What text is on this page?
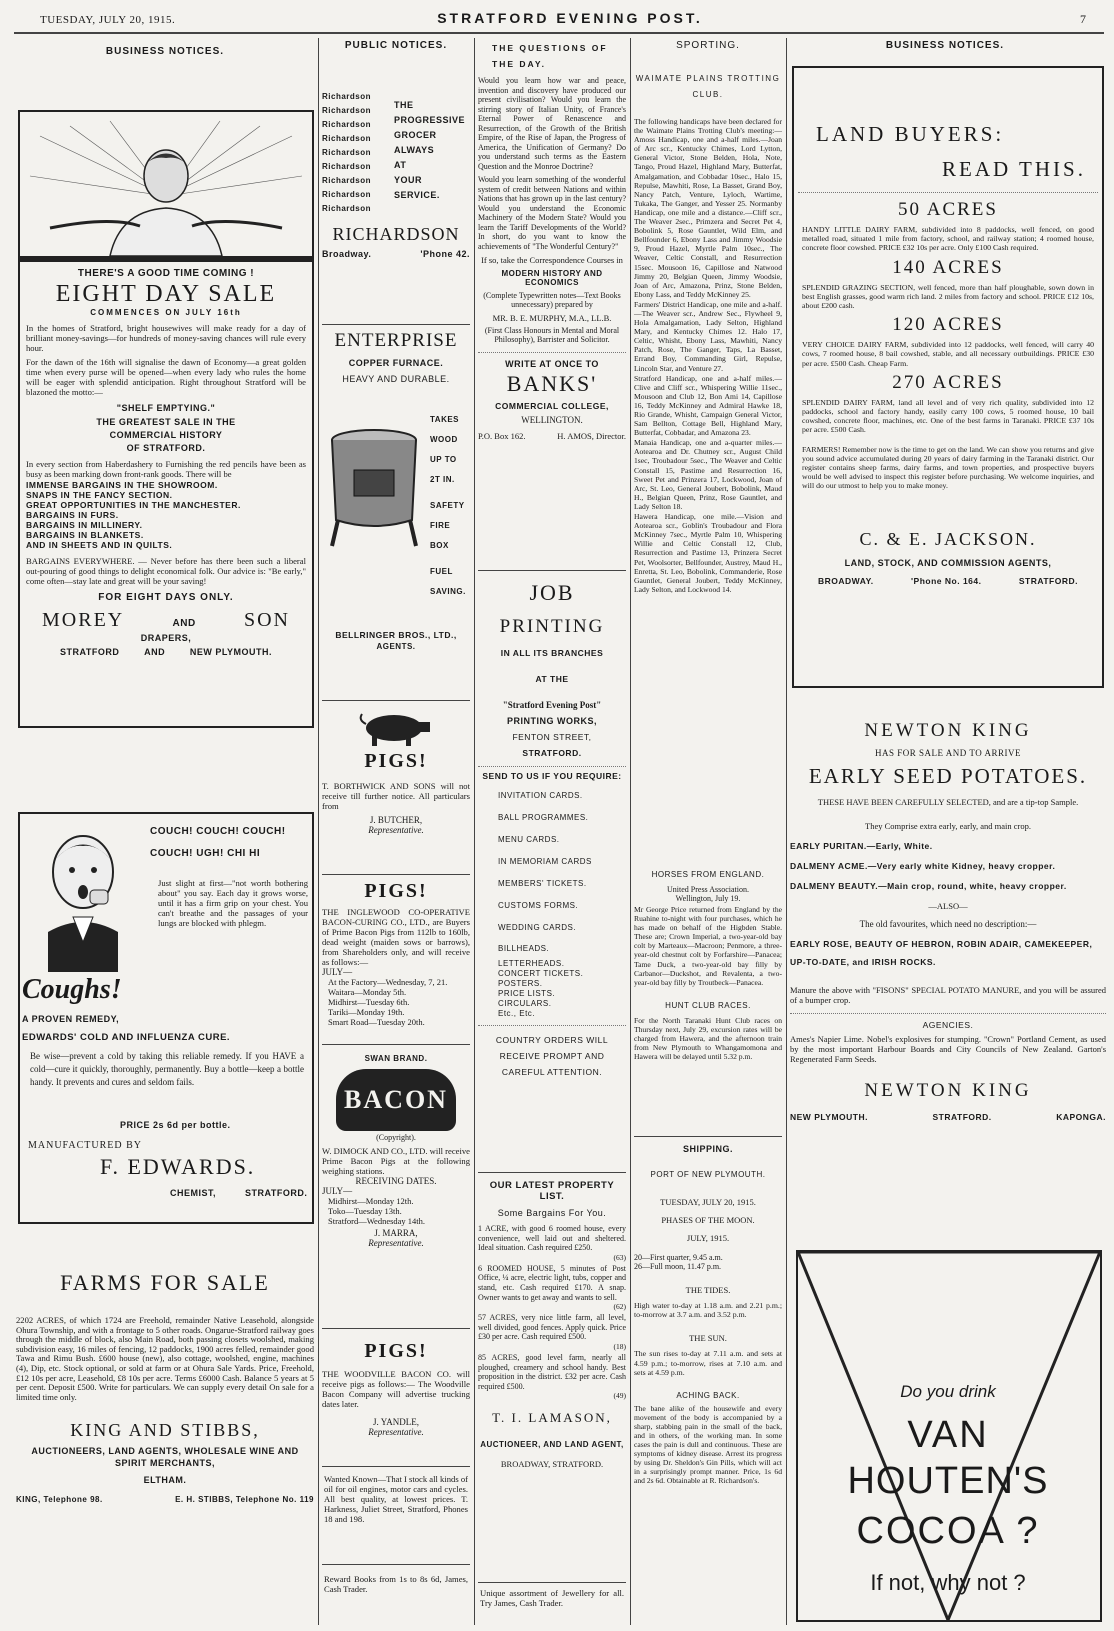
TUESDAY, JULY 20, 1915.	STRATFORD EVENING POST.	7
BUSINESS NOTICES.
THERE'S A GOOD TIME COMING !
EIGHT DAY SALE
COMMENCES ON JULY 16th
In the homes of Stratford, bright housewives will make ready for a day of brilliant money-savings—for hundreds of money-saving chances will rule every hour.
For the dawn of the 16th will signalise the dawn of Economy—a great golden time when every purse will be opened—when every lady who rules the home will be eager with splendid anticipation. Right throughout Stratford will be blazoned the motto:—
"SHELF EMPTYING."
THE GREATEST SALE IN THE
COMMERCIAL HISTORY
OF STRATFORD.
In every section from Haberdashery to Furnishing the red pencils have been as busy as been marking down front-rank goods. There will be
IMMENSE BARGAINS IN THE SHOWROOM.
SNAPS IN THE FANCY SECTION.
GREAT OPPORTUNITIES IN THE MANCHESTER.
BARGAINS IN FURS.
BARGAINS IN MILLINERY.
BARGAINS IN BLANKETS.
AND IN SHEETS AND IN QUILTS.
BARGAINS EVERYWHERE. — Never before has there been such a liberal out-pouring of good things to delight economical folk. Our advice is: "Be early," come often—stay late and great will be your saving!
FOR EIGHT DAYS ONLY.
MOREY	AND SON
DRAPERS,
STRATFORD	AND	NEW PLYMOUTH.
COUCH! COUCH! COUCH!
COUCH! UGH! CHI HI
Just slight at first—"not worth bothering about" you say. Each day it grows worse, until it has a firm grip on your chest. You can't breathe and the passages of your lungs are blocked with phlegm.
Coughs!
A PROVEN REMEDY,
EDWARDS' COLD AND INFLUENZA CURE.
Be wise—prevent a cold by taking this reliable remedy. If you HAVE a cold—cure it quickly, thoroughly, permanently. Buy a bottle—keep a bottle handy. It prevents and cures and seldom fails.
PRICE 2s 6d per bottle.
MANUFACTURED BY
F. EDWARDS.
CHEMIST,	STRATFORD.
FARMS FOR SALE
2202 ACRES, of which 1724 are Freehold, remainder Native Leasehold, alongside Ohura Township, and with a frontage to 5 other roads. Ongarue-Stratford railway goes through the middle of block, also Main Road, both passing closets woolshed, making subdivision easy, 16 miles of fencing, 12 paddocks, 1900 acres felled, remainder good Tawa and Rimu Bush. £600 house (new), also cottage, woolshed, engine, machines (4), Dip, etc. Stock optional, or sold at farm or at Ohura Sale Yards. Price, Freehold, £12 10s per acre, Leasehold, £8 10s per acre. Terms £6000 Cash. Balance 5 years at 5 per cent. Deposit £500. Write for particulars. We can supply every detail On sale for a limited time only.
KING AND STIBBS,
AUCTIONEERS, LAND AGENTS, WHOLESALE WINE AND SPIRIT MERCHANTS,
ELTHAM.
KING, Telephone 98.	E. H. STIBBS, Telephone No. 119
PUBLIC NOTICES.
Richardson
Richardson
Richardson
Richardson
Richardson
Richardson
Richardson
Richardson
Richardson
THE
PROGRESSIVE
GROCER
ALWAYS
AT
YOUR
SERVICE.
RICHARDSON
Broadway.	'Phone 42.
ENTERPRISE
COPPER FURNACE.
HEAVY AND DURABLE.
TAKES
WOOD
UP TO
2T IN.
SAFETY
FIRE
BOX
FUEL
SAVING.
BELLRINGER BROS., LTD.,
AGENTS.
PIGS!
T. BORTHWICK AND SONS will not receive till further notice. All particulars from
J. BUTCHER,
Representative.
PIGS!
THE INGLEWOOD CO-OPERATIVE BACON-CURING CO., LTD., are Buyers of Prime Bacon Pigs from 112lb to 160lb, dead weight (maiden sows or barrows), from Shareholders only, and will receive as follows:—
JULY—
At the Factory—Wednesday, 7, 21.
Waitara—Monday 5th.
Midhirst—Tuesday 6th.
Tariki—Monday 19th.
Smart Road—Tuesday 20th.
SWAN BRAND.
BACON
(Copyright).
W. DIMOCK AND CO., LTD. will receive Prime Bacon Pigs at the following weighing stations.
RECEIVING DATES.
JULY—
Midhirst—Monday 12th.
Toko—Tuesday 13th.
Stratford—Wednesday 14th.
J. MARRA,
Representative.
PIGS!
THE WOODVILLE BACON CO. will receive pigs as follows:— The Woodville Bacon Company will advertise trucking dates later.
J. YANDLE,
Representative.
Wanted Known—That I stock all kinds of oil for oil engines, motor cars and cycles. All best quality, at lowest prices. T. Harkness, Juliet Street, Stratford, Phones 18 and 198.
Reward Books from 1s to 8s 6d, James, Cash Trader.
THE QUESTIONS OF THE DAY.
Would you learn how war and peace, invention and discovery have produced our present civilisation? Would you learn the stirring story of Italian Unity, of France's Eternal Power of Renascence and Resurrection, of the Growth of the British Empire, of the Rise of Japan, the Progress of America, the Unification of Germany? Do you understand such terms as the Eastern Question and the Monroe Doctrine?
Would you learn something of the wonderful system of credit between Nations and within Nations that has grown up in the last century? Would you understand the Economic Machinery of the Modern State? Would you learn the Tariff Developments of the World? In short, do you want to know the achievements of "The Wonderful Century?"
If so, take the Correspondence Courses in
MODERN HISTORY AND ECONOMICS
(Complete Typewritten notes—Text Books unnecessary) prepared by
MR. B. E. MURPHY, M.A., LL.B.
(First Class Honours in Mental and Moral Philosophy), Barrister and Solicitor.
WRITE AT ONCE TO
BANKS'
COMMERCIAL COLLEGE,
WELLINGTON.
P.O. Box 162.	H. AMOS, Director.
JOB
PRINTING
IN ALL ITS BRANCHES
AT THE
"Stratford Evening Post"
PRINTING WORKS,
FENTON STREET,
STRATFORD.
SEND TO US IF YOU REQUIRE:
INVITATION CARDS.
BALL PROGRAMMES.
MENU CARDS.
IN MEMORIAM CARDS
MEMBERS' TICKETS.
CUSTOMS FORMS.
WEDDING CARDS.
BILLHEADS.
LETTERHEADS.
CONCERT TICKETS.
POSTERS.
PRICE LISTS.
CIRCULARS.
Etc., Etc.
COUNTRY ORDERS WILL RECEIVE PROMPT AND CAREFUL ATTENTION.
OUR LATEST PROPERTY LIST.
Some Bargains For You.
1 ACRE, with good 6 roomed house, every convenience, well laid out and sheltered. Ideal situation. Cash required £250.
(63)
6 ROOMED HOUSE, 5 minutes of Post Office, ¼ acre, electric light, tubs, copper and stand, etc. Cash required £170. A snap. Owner wants to get away and wants to sell.
(62)
57 ACRES, very nice little farm, all level, well divided, good fences. Apply quick. Price £30 per acre. Cash required £500.
(18)
85 ACRES, good level farm, nearly all ploughed, creamery and school handy. Best proposition in the district. £32 per acre. Cash required £500.
(49)
T. I. LAMASON,
AUCTIONEER, AND LAND AGENT,
BROADWAY, STRATFORD.
Unique assortment of Jewellery for all. Try James, Cash Trader.
SPORTING.
WAIMATE PLAINS TROTTING CLUB.
The following handicaps have been declared for the Waimate Plains Trotting Club's meeting:— Amoss Handicap, one and a-half miles.—Joan of Arc scr., Kentucky Chimes, Lord Lytton, General Victor, Stone Belden, Hola, Note, Tango, Proud Hazel, Highland Mary, Butterfat, Amalgamation, and Cobbadar 10sec., Halo 15, Repulse, Mawhiti, Rose, La Basset, Grand Boy, Nancy Patch, Venture, Lyloch, Wartime, Tukaka, The Ganger, and Yesser 25. Normanby Handicap, one mile and a distance.—Cliff scr., The Weaver 2sec., Primzera and Secret Pet 4, Bobolink 5, Rose Gauntlet, Wild Elm, and Bellfounder 6, Ebony Lass and Jimmy Woodsie 9, Proud Hazel, Myrtle Palm 10sec., The Weaver, Celtic Constall, and Resurrection 15sec. Mousoon 16, Capillose and Natwood Jimmy 20, Belgian Queen, Jimmy Woodsie, Joan of Arc, Amazona, Prinz, Stone Belden, Ebony Lass, and Teddy McKinney 25.
Farmers' District Handicap, one mile and a-half.—The Weaver scr., Andrew Sec., Flywheel 9, Hola Amalgamation, Lady Selton, Highland Mary, and Kentucky Chimes 12. Halo 17, Celtic, Whisht, Ebony Lass, Mawhiti, Nancy Patch, Rose, The Ganger, Taps, La Basset, Errand Boy, Commanding Girl, Repulse, Lincoln Star, and Venture 27.
Stratford Handicap, one and a-half miles.—Clive and Cliff scr., Whispering Willie 11sec., Mousoon and Club 12, Bon Ami 14, Capillose 16, Teddy McKinney and Admiral Hawke 18, Rio Grande, Whisht, Campaign General Victor, Sam Bellton, Cottage Bell, Highland Mary, Butterfat, Cobbadar, and Amazona 23.
Manaia Handicap, one and a-quarter miles.—Aotearoa and Dr. Chutney scr., August Child 1sec, Troubadour 5sec., The Weaver and Celtic Constall 15, Pastime and Resurrection 16, Sweet Pet and Prinzera 17, Lockwood, Joan of Arc, St. Leo, General Joubert, Bobolink, Maud H., Belgian Queen, Prinz, Rose Gauntlet, and Lady Selton 18.
Hawera Handicap, one mile.—Vision and Aotearoa scr., Goblin's Troubadour and Flora McKinney 7sec., Myrtle Palm 10, Whispering Willie and Celtic Constall 12, Club, Resurrection and Pastime 13, Prinzera Secret Pet, Woolsorter, Bellfounder, Austrey, Maud H., Enretta, St. Leo, Bobolink, Commanderie, Rose Gauntlet, General Joubert, Teddy McKinney, Lady Selton, and Lockwood 14.
HORSES FROM ENGLAND.
United Press Association.
Wellington, July 19.
Mr George Price returned from England by the Ruahine to-night with four purchases, which he has made on behalf of the Higbden Stable. These are; Crown Imperial, a two-year-old bay colt by Marteaux—Macroon; Penmore, a three-year-old chestnut colt by Forfarshire—Panacea; Tame Duck, a two-year-old bay filly by Carbanor—Duckshot, and Revalenta, a two-year-old bay filly by Troutbeck—Panacea.
HUNT CLUB RACES.
For the North Taranaki Hunt Club races on Thursday next, July 29, excursion rates will be charged from Hawera, and the afternoon train from New Plymouth to Whangamomona and Hawera will be delayed until 5.32 p.m.
SHIPPING.
PORT OF NEW PLYMOUTH.
TUESDAY, JULY 20, 1915.
PHASES OF THE MOON.
JULY, 1915.
20—First quarter, 9.45 a.m.
26—Full moon, 11.47 p.m.
THE TIDES.
High water to-day at 1.18 a.m. and 2.21 p.m.; to-morrow at 3.7 a.m. and 3.52 p.m.
THE SUN.
The sun rises to-day at 7.11 a.m. and sets at 4.59 p.m.; to-morrow, rises at 7.10 a.m. and sets at 4.59 p.m.
ACHING BACK.
The bane alike of the housewife and every movement of the body is accompanied by a sharp, stabbing pain in the small of the back, and in others, of the working man. In some cases the pain is dull and continuous. These are symptoms of kidney disease. Arrest its progress by using Dr. Sheldon's Gin Pills, which will act in a surprisingly prompt manner. Price, 1s 6d and 2s 6d. Obtainable at R. Richardson's.
BUSINESS NOTICES.
LAND BUYERS:
READ THIS.
50 ACRES
HANDY LITTLE DAIRY FARM, subdivided into 8 paddocks, well fenced, on good metalled road, situated 1 mile from factory, school, and railway station; 4 roomed house, concrete floor cowshed. PRICE £32 10s per acre. Only £100 Cash required.
140 ACRES
SPLENDID GRAZING SECTION, well fenced, more than half ploughable, sown down in best English grasses, good warm rich land. 2 miles from factory and school. PRICE £12 10s, about £200 cash.
120 ACRES
VERY CHOICE DAIRY FARM, subdivided into 12 paddocks, well fenced, will carry 40 cows, 7 roomed house, 8 bail cowshed, stable, and all necessary outbuildings. PRICE £30 per acre. £500 Cash. Cheap Farm.
270 ACRES
SPLENDID DAIRY FARM, land all level and of very rich quality, subdivided into 12 paddocks, school and factory handy, easily carry 100 cows, 5 roomed house, 10 bail cowshed, concrete floor, machines, etc. One of the best farms in Taranaki. PRICE £37 10s per acre. £500 Cash.
FARMERS! Remember now is the time to get on the land. We can show you returns and give you sound advice accumulated during 20 years of dairy farming in the Taranaki district. Our register contains sheep farms, dairy farms, and town properties, and prospective buyers would be well advised to inspect this register before purchasing. We welcome inquiries, and will do our utmost to help you to make money.
C. & E. JACKSON.
LAND, STOCK, AND COMMISSION AGENTS,
BROADWAY.	'Phone No. 164.	STRATFORD.
NEWTON KING
HAS FOR SALE AND TO ARRIVE
EARLY SEED POTATOES.
THESE HAVE BEEN CAREFULLY SELECTED, and are a tip-top Sample.
They Comprise extra early, early, and main crop.
EARLY PURITAN.—Early, White.
DALMENY ACME.—Very early white Kidney, heavy cropper.
DALMENY BEAUTY.—Main crop, round, white, heavy cropper.
—ALSO—
The old favourites, which need no description:—
EARLY ROSE, BEAUTY OF HEBRON, ROBIN ADAIR, CAMEKEEPER, UP-TO-DATE, and IRISH ROCKS.
Manure the above with "FISONS" SPECIAL POTATO MANURE, and you will be assured of a bumper crop.
AGENCIES.
Ames's Napier Lime. Nobel's explosives for stumping. "Crown" Portland Cement, as used by the most important Harbour Boards and City Councils of New Zealand. Garton's Regenerated Farm Seeds.
NEWTON KING
NEW PLYMOUTH.	STRATFORD.	KAPONGA.
Do you drink
VAN
HOUTEN'S
COCOA ?
If not, why not ?
